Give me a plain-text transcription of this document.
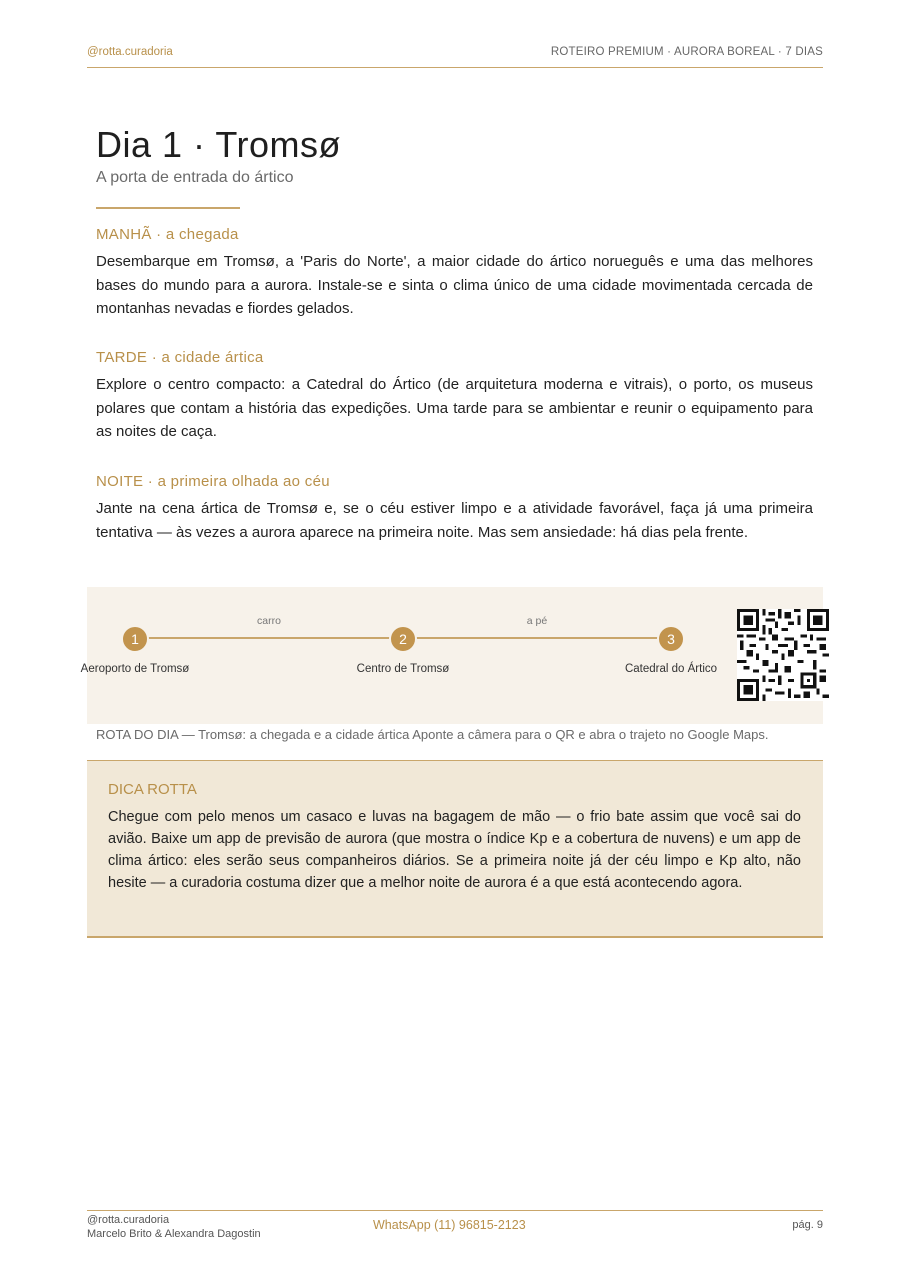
@rotta.curadoria	ROTEIRO PREMIUM · AURORA BOREAL · 7 DIAS
Dia 1 · Tromsø
A porta de entrada do ártico
MANHÃ · a chegada

Desembarque em Tromsø, a 'Paris do Norte', a maior cidade do ártico norueguês e uma das melhores bases do mundo para a aurora. Instale-se e sinta o clima único de uma cidade movimentada cercada de montanhas nevadas e fiordes gelados.

TARDE · a cidade ártica

Explore o centro compacto: a Catedral do Ártico (de arquitetura moderna e vitrais), o porto, os museus polares que contam a história das expedições. Uma tarde para se ambientar e reunir o equipamento para as noites de caça.

NOITE · a primeira olhada ao céu

Jante na cena ártica de Tromsø e, se o céu estiver limpo e a atividade favorável, faça já uma primeira tentativa — às vezes a aurora aparece na primeira noite. Mas sem ansiedade: há dias pela frente.

carro	a pé
1	2	3
Aeroporto de Tromsø	Centro de Tromsø	Catedral do Ártico
ROTA DO DIA — Tromsø: a chegada e a cidade ártica Aponte a câmera para o QR e abra o trajeto no Google Maps.
DICA ROTTA

Chegue com pelo menos um casaco e luvas na bagagem de mão — o frio bate assim que você sai do avião. Baixe um app de previsão de aurora (que mostra o índice Kp e a cobertura de nuvens) e um app de clima ártico: eles serão seus companheiros diários. Se a primeira noite já der céu limpo e Kp alto, não hesite — a curadoria costuma dizer que a melhor noite de aurora é a que está acontecendo agora.

@rotta.curadoria
Marcelo Brito & Alexandra Dagostin
WhatsApp (11) 96815-2123	pág. 9
